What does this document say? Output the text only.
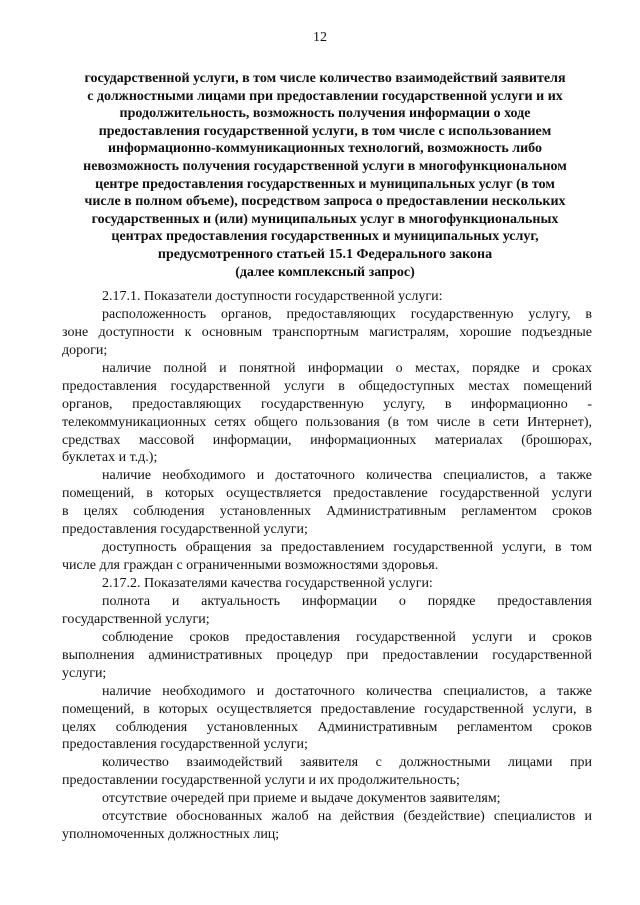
12
государственной услуги, в том числе количество взаимодействий заявителя
с должностными лицами при предоставлении государственной услуги и их
продолжительность, возможность получения информации о ходе
предоставления государственной услуги, в том числе с использованием
информационно-коммуникационных технологий, возможность либо
невозможность получения государственной услуги в многофункциональном
центре предоставления государственных и муниципальных услуг (в том
числе в полном объеме), посредством запроса о предоставлении нескольких
государственных и (или) муниципальных услуг в многофункциональных
центрах предоставления государственных и муниципальных услуг,
предусмотренного статьей 15.1 Федерального закона
(далее комплексный запрос)
2.17.1. Показатели доступности государственной услуги:
расположенность органов, предоставляющих государственную услугу, в
зоне доступности к основным транспортным магистралям, хорошие подъездные
дороги;
наличие полной и понятной информации о местах, порядке и сроках
предоставления государственной услуги в общедоступных местах помещений
органов, предоставляющих государственную услугу, в информационно -
телекоммуникационных сетях общего пользования (в том числе в сети Интернет),
средствах массовой информации, информационных материалах (брошюрах,
буклетах и т.д.);
наличие необходимого и достаточного количества специалистов, а также
помещений, в которых осуществляется предоставление государственной услуги
в целях соблюдения установленных Административным регламентом сроков
предоставления государственной услуги;
доступность обращения за предоставлением государственной услуги, в том
числе для граждан с ограниченными возможностями здоровья.
2.17.2. Показателями качества государственной услуги:
полнота и актуальность информации о порядке предоставления
государственной услуги;
соблюдение сроков предоставления государственной услуги и сроков
выполнения административных процедур при предоставлении государственной
услуги;
наличие необходимого и достаточного количества специалистов, а также
помещений, в которых осуществляется предоставление государственной услуги, в
целях соблюдения установленных Административным регламентом сроков
предоставления государственной услуги;
количество взаимодействий заявителя с должностными лицами при
предоставлении государственной услуги и их продолжительность;
отсутствие очередей при приеме и выдаче документов заявителям;
отсутствие обоснованных жалоб на действия (бездействие) специалистов и
уполномоченных должностных лиц;
